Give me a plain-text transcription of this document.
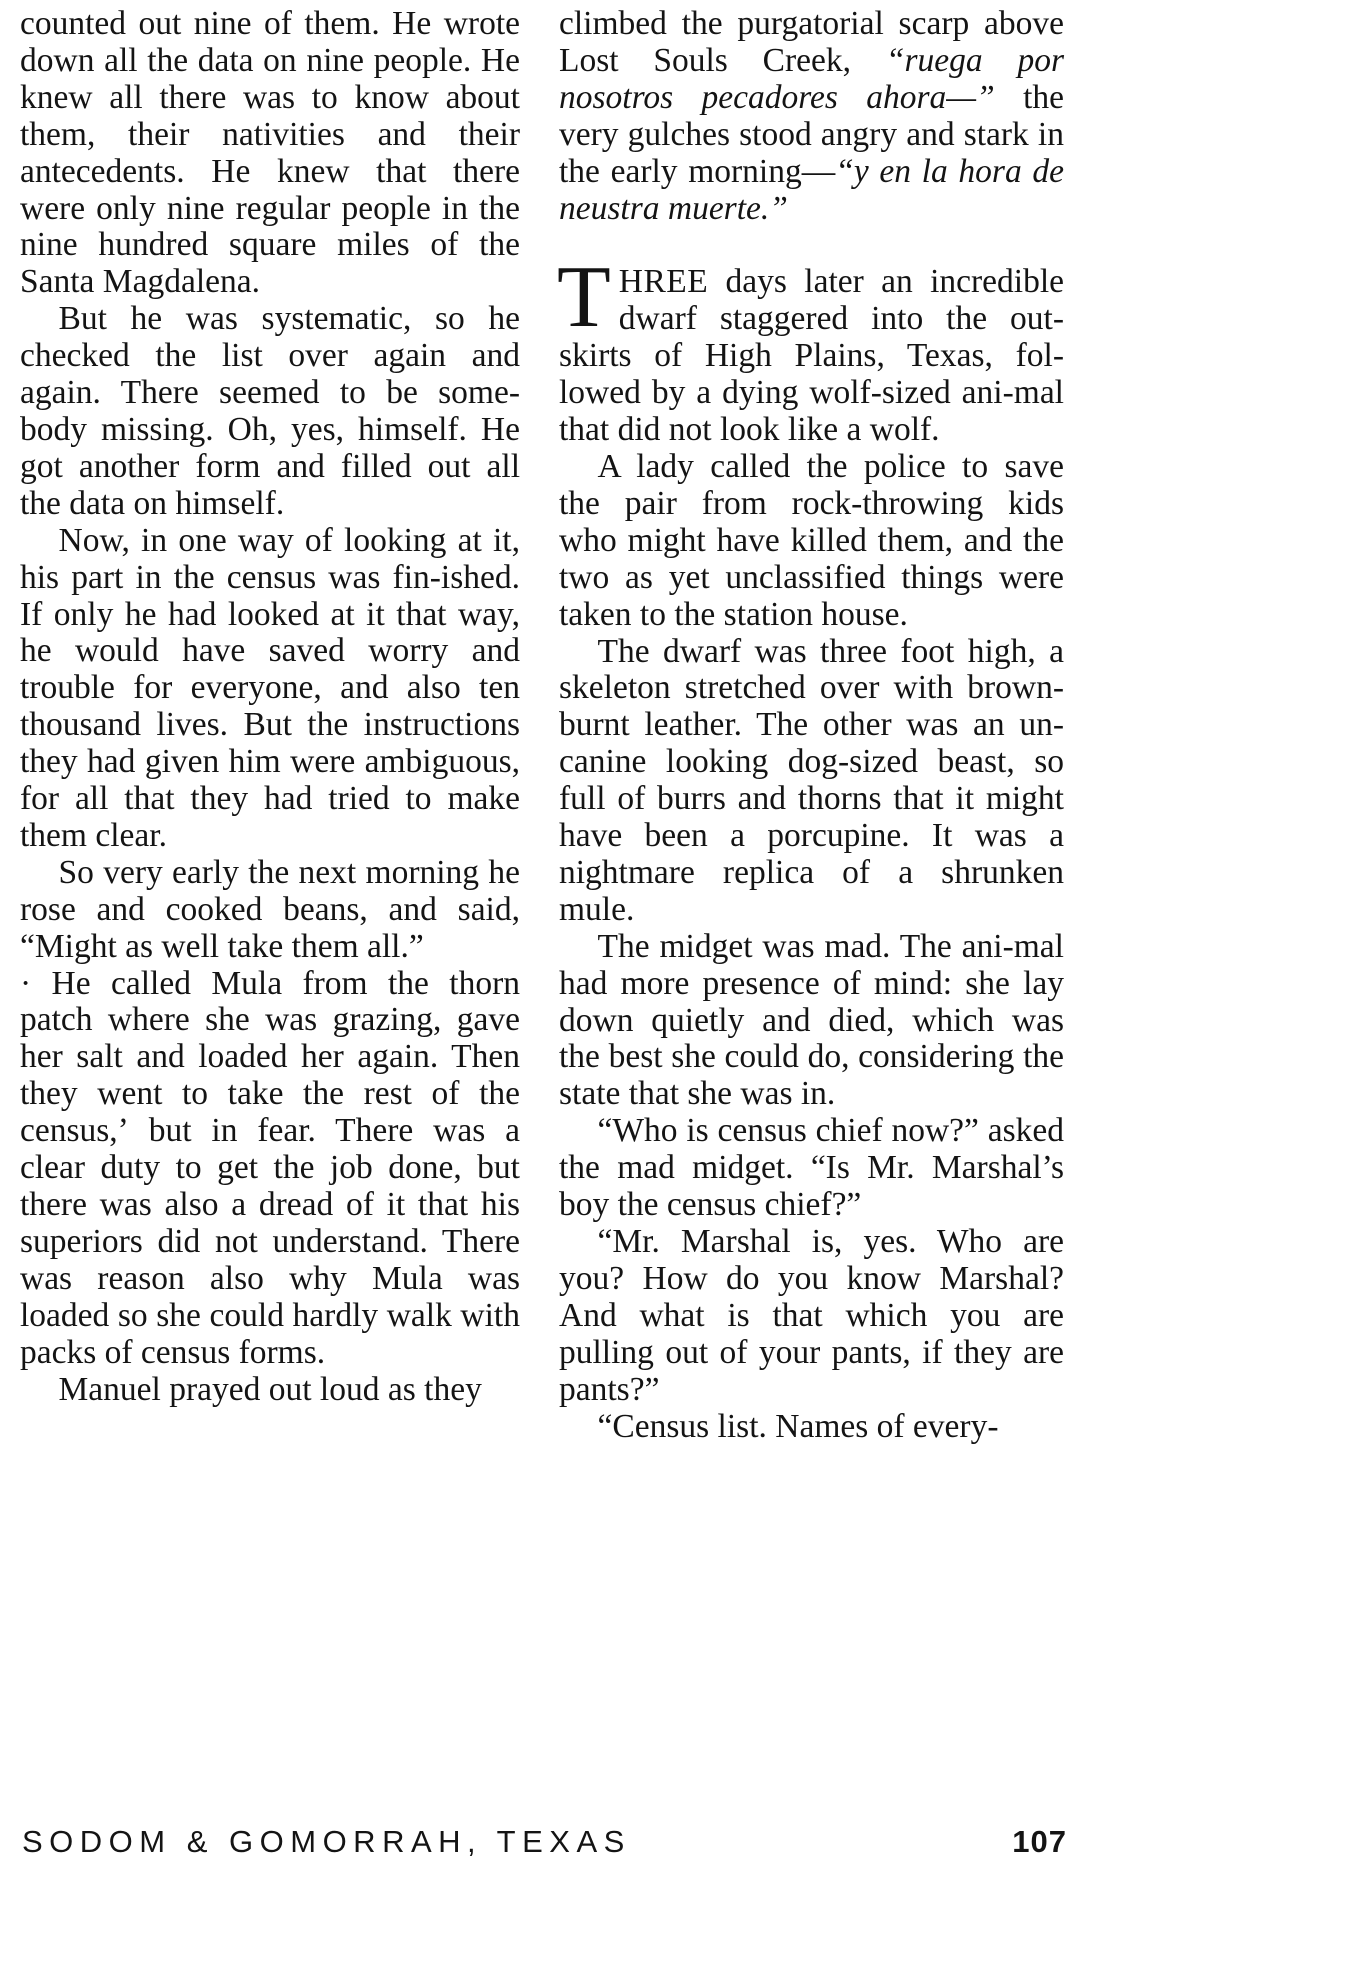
counted out nine of them. He wrote down all the data on nine people. He knew all there was to know about them, their nativities and their antecedents. He knew that there were only nine regular people in the nine hundred square miles of the Santa Magdalena.

But he was systematic, so he checked the list over again and again. There seemed to be some-body missing. Oh, yes, himself. He got another form and filled out all the data on himself.

Now, in one way of looking at it, his part in the census was fin-ished. If only he had looked at it that way, he would have saved worry and trouble for everyone, and also ten thousand lives. But the instructions they had given him were ambiguous, for all that they had tried to make them clear.

So very early the next morning he rose and cooked beans, and said, “Might as well take them all.”

· He called Mula from the thorn patch where she was grazing, gave her salt and loaded her again. Then they went to take the rest of the census,ʼ but in fear. There was a clear duty to get the job done, but there was also a dread of it that his superiors did not understand. There was reason also why Mula was loaded so she could hardly walk with packs of census forms.

Manuel prayed out loud as they

climbed the purgatorial scarp above Lost Souls Creek, “ruega por nosotros pecadores ahora—” the very gulches stood angry and stark in the early morning—“y en la hora de neustra muerte.”

THREE days later an incredible dwarf staggered into the out-skirts of High Plains, Texas, fol-lowed by a dying wolf-sized ani-mal that did not look like a wolf.

A lady called the police to save the pair from rock-throwing kids who might have killed them, and the two as yet unclassified things were taken to the station house.

The dwarf was three foot high, a skeleton stretched over with brown-burnt leather. The other was an un-canine looking dog-sized beast, so full of burrs and thorns that it might have been a porcupine. It was a nightmare replica of a shrunken mule.

The midget was mad. The ani-mal had more presence of mind: she lay down quietly and died, which was the best she could do, considering the state that she was in.

“Who is census chief now?” asked the mad midget. “Is Mr. Marshal’s boy the census chief?”

“Mr. Marshal is, yes. Who are you? How do you know Marshal? And what is that which you are pulling out of your pants, if they are pants?”

“Census list. Names of every-

SODOM & GOMORRAH, TEXAS	107
